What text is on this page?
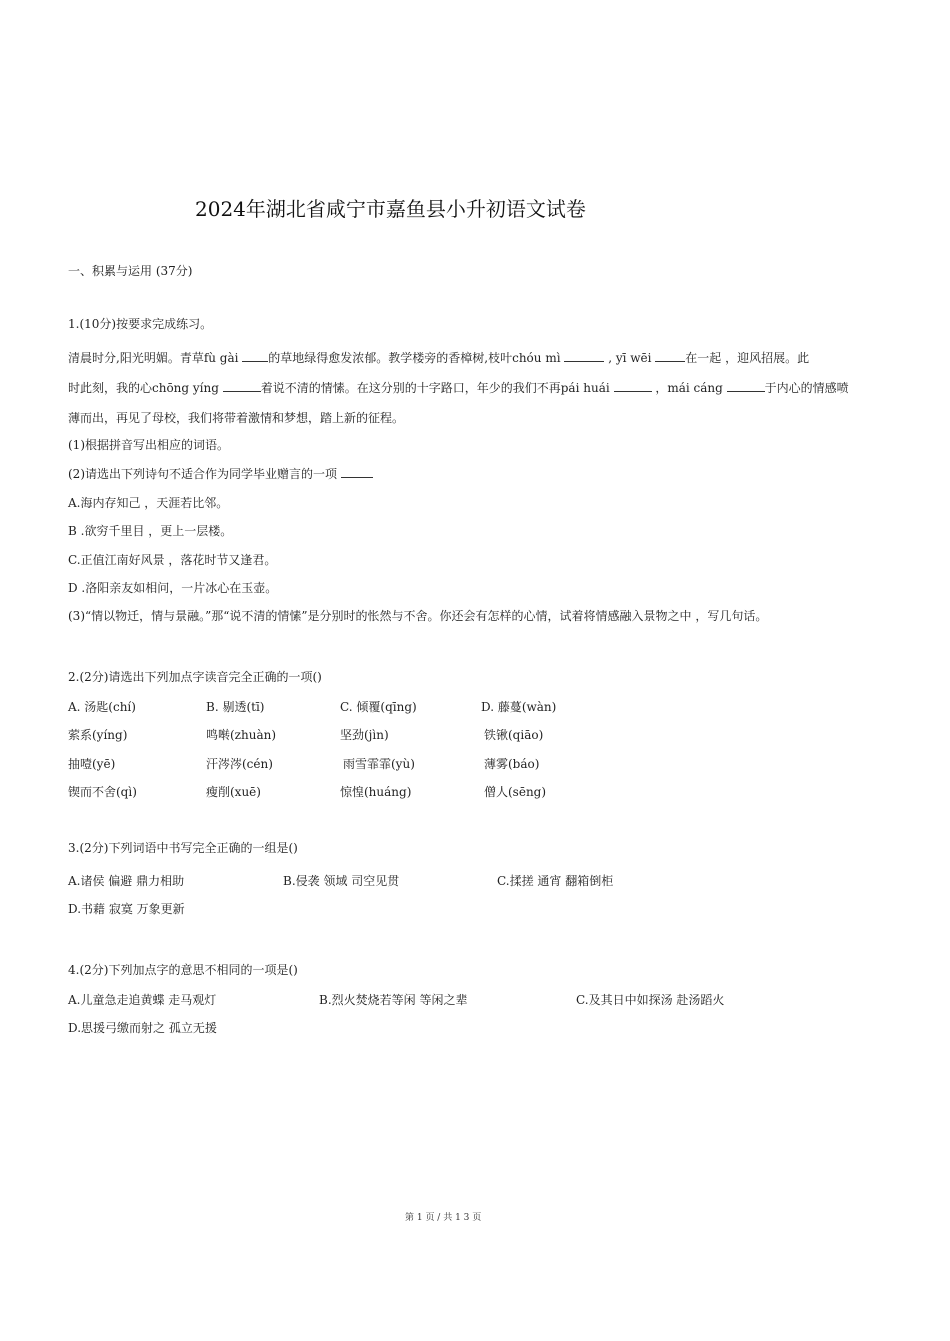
2024年湖北省咸宁市嘉鱼县小升初语文试卷
一、积累与运用 (37分)
1.(10分)按要求完成练习。
清晨时分,阳光明媚。青草fù gài 的草地绿得愈发浓郁。教学楼旁的香樟树,枝叶chóu mì	, yī wēi	在一起 ，迎风招展。此
时此刻，我的心chōng yíng	着说不清的情愫。在这分别的十字路口，年少的我们不再pái huái	，mái cáng	于内心的情感喷
薄而出，再见了母校，我们将带着激情和梦想，踏上新的征程。
(1)根据拼音写出相应的词语。
(2)请选出下列诗句不适合作为同学毕业赠言的一项
A.海内存知己 ，天涯若比邻。
B .欲穷千里目 ，更上一层楼。
C.正值江南好风景 ，落花时节又逢君。
D .洛阳亲友如相问，一片冰心在玉壶。
(3)“情以物迁，情与景融。”那“说不清的情愫”是分别时的怅然与不舍。你还会有怎样的心情，试着将情感融入景物之中 ，写几句话。
2.(2分)请选出下列加点字读音完全正确的一项()
A. 汤匙(chí)	B. 剔透(tī)	C. 倾覆(qīng)	D. 藤蔓(wàn)
萦系(yíng)	鸣啭(zhuàn)	坚劲(jìn)	铁锹(qiāo)
抽噎(yē)	汗涔涔(cén)	雨雪霏霏(yù)	薄雾(báo)
锲而不舍(qì)	瘦削(xuē)	惊惶(huáng)	僧人(sēng)
3.(2分)下列词语中书写完全正确的一组是()
A.诸侯 偏避 鼎力相助	B.侵袭 领域 司空见贯	C.揉搓 通宵 翻箱倒柜
D.书藉 寂寞 万象更新
4.(2分)下列加点字的意思不相同的一项是()
A.儿童急走追黄蝶 走马观灯	B.烈火焚烧若等闲 等闲之辈	C.及其日中如探汤 赴汤蹈火
D.思援弓缴而射之 孤立无援
第 1 页 / 共 1 3 页
